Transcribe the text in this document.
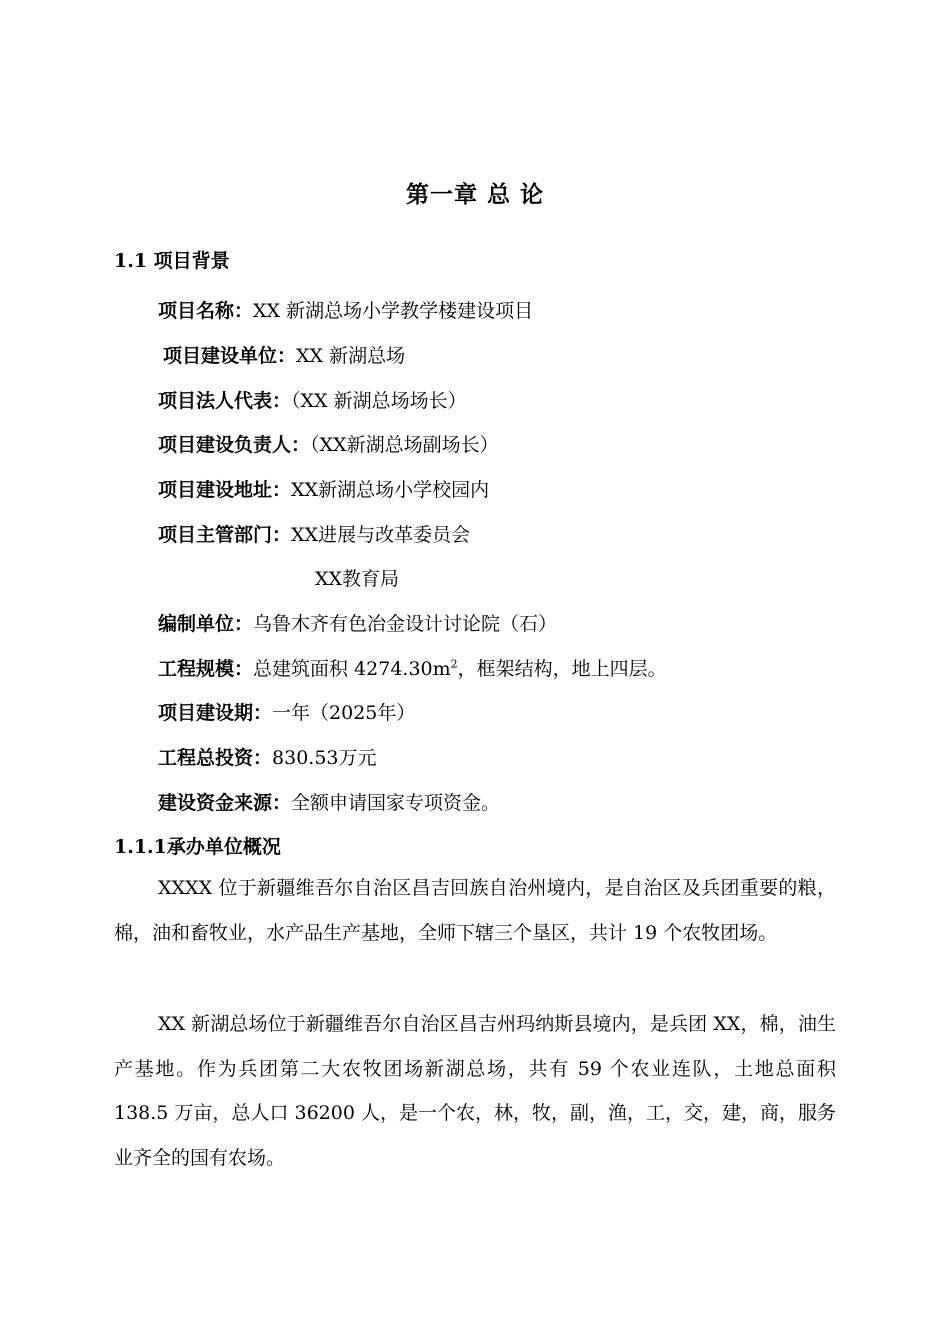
第一章 总 论
1.1 项目背景
项目名称：XX 新湖总场小学教学楼建设项目
项目建设单位：XX 新湖总场
项目法人代表：（XX 新湖总场场长）
项目建设负责人：（XX新湖总场副场长）
项目建设地址：XX新湖总场小学校园内
项目主管部门：XX进展与改革委员会
XX教育局
编制单位：乌鲁木齐有色冶金设计讨论院（石）
工程规模：总建筑面积 $4274.30m^2$，框架结构，地上四层。
项目建设期：一年（2025年）
工程总投资：830.53万元
建设资金来源：全额申请国家专项资金。
1.1.1承办单位概况

XXXX 位于新疆维吾尔自治区昌吉回族自治州境内，是自治区及兵团重要的粮，棉，油和畜牧业，水产品生产基地，全师下辖三个垦区，共计 19 个农牧团场。

XX 新湖总场位于新疆维吾尔自治区昌吉州玛纳斯县境内，是兵团 XX，棉，油生产基地。作为兵团第二大农牧团场新湖总场，共有 59 个农业连队，土地总面积 138.5 万亩，总人口 36200 人，是一个农，林，牧，副，渔，工，交，建，商，服务业齐全的国有农场。
